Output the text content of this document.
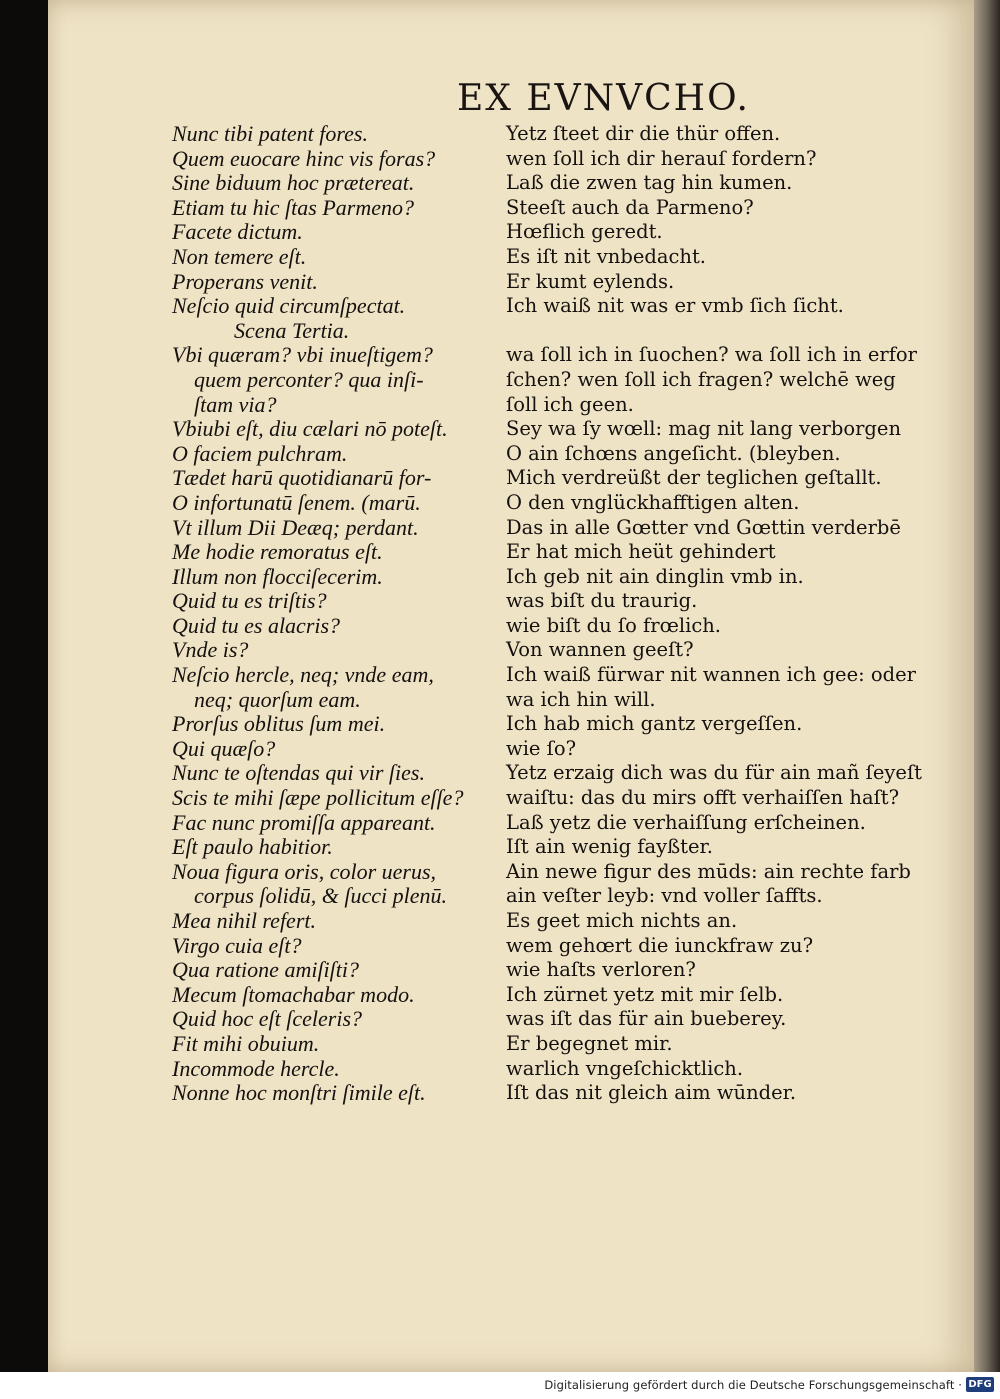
EX EVNVCHO.
Nunc tibi patent fores.
Quem euocare hinc vis foras?
Sine biduum hoc prætereat.
Etiam tu hic ſtas Parmeno?
Facete dictum.
Non temere eſt.
Properans venit.
Neſcio quid circumſpectat.
Scena Tertia.
Vbi quæram? vbi inueſtigem?
quem perconter? qua inſi-
ſtam via?
Vbiubi eſt, diu cælari nō poteſt.
O faciem pulchram.
Tædet harū quotidianarū for-
O infortunatū ſenem. (marū.
Vt illum Dii Deæq; perdant.
Me hodie remoratus eſt.
Illum non flocciſecerim.
Quid tu es triſtis?
Quid tu es alacris?
Vnde is?
Neſcio hercle, neq; vnde eam,
neq; quorſum eam.
Prorſus oblitus ſum mei.
Qui quæſo?
Nunc te oſtendas qui vir ſies.
Scis te mihi ſæpe pollicitum eſſe?
Fac nunc promiſſa appareant.
Eſt paulo habitior.
Noua figura oris, color uerus,
corpus ſolidū, & ſucci plenū.
Mea nihil refert.
Virgo cuia eſt?
Qua ratione amiſiſti?
Mecum ſtomachabar modo.
Quid hoc eſt ſceleris?
Fit mihi obuium.
Incommode hercle.
Nonne hoc monſtri ſimile eſt.
Yetz ſteet dir die thür offen.
wen ſoll ich dir herauſ fordern?
Laß die zwen tag hin kumen.
Steeſt auch da Parmeno?
Hœflich geredt.
Es iſt nit vnbedacht.
Er kumt eylends.
Ich waiß nit was er vmb ſich ſicht.
wa ſoll ich in ſuochen? wa ſoll ich in erfor
ſchen? wen ſoll ich fragen? welchē weg
ſoll ich geen.
Sey wa ſy wœll: mag nit lang verborgen
O ain ſchœns angeſicht. (bleyben.
Mich verdreüßt der teglichen geſtallt.
O den vnglückhafftigen alten.
Das in alle Gœtter vnd Gœttin verderbē
Er hat mich heüt gehindert
Ich geb nit ain dinglin vmb in.
was biſt du traurig.
wie biſt du ſo frœlich.
Von wannen geeſt?
Ich waiß fürwar nit wannen ich gee: oder
wa ich hin will.
Ich hab mich gantz vergeſſen.
wie ſo?
Yetz erzaig dich was du für ain mañ ſeyeſt
waiſtu: das du mirs offt verhaiſſen haſt?
Laß yetz die verhaiſſung erſcheinen.
Iſt ain wenig fayßter.
Ain newe figur des mūds: ain rechte farb
ain veſter leyb: vnd voller ſaffts.
Es geet mich nichts an.
wem gehœrt die iunckfraw zu?
wie haſts verloren?
Ich zürnet yetz mit mir ſelb.
was iſt das für ain bueberey.
Er begegnet mir.
warlich vngeſchicktlich.
Iſt das nit gleich aim wūnder.
Digitalisierung gefördert durch die Deutsche Forschungsgemeinschaft · DFG
